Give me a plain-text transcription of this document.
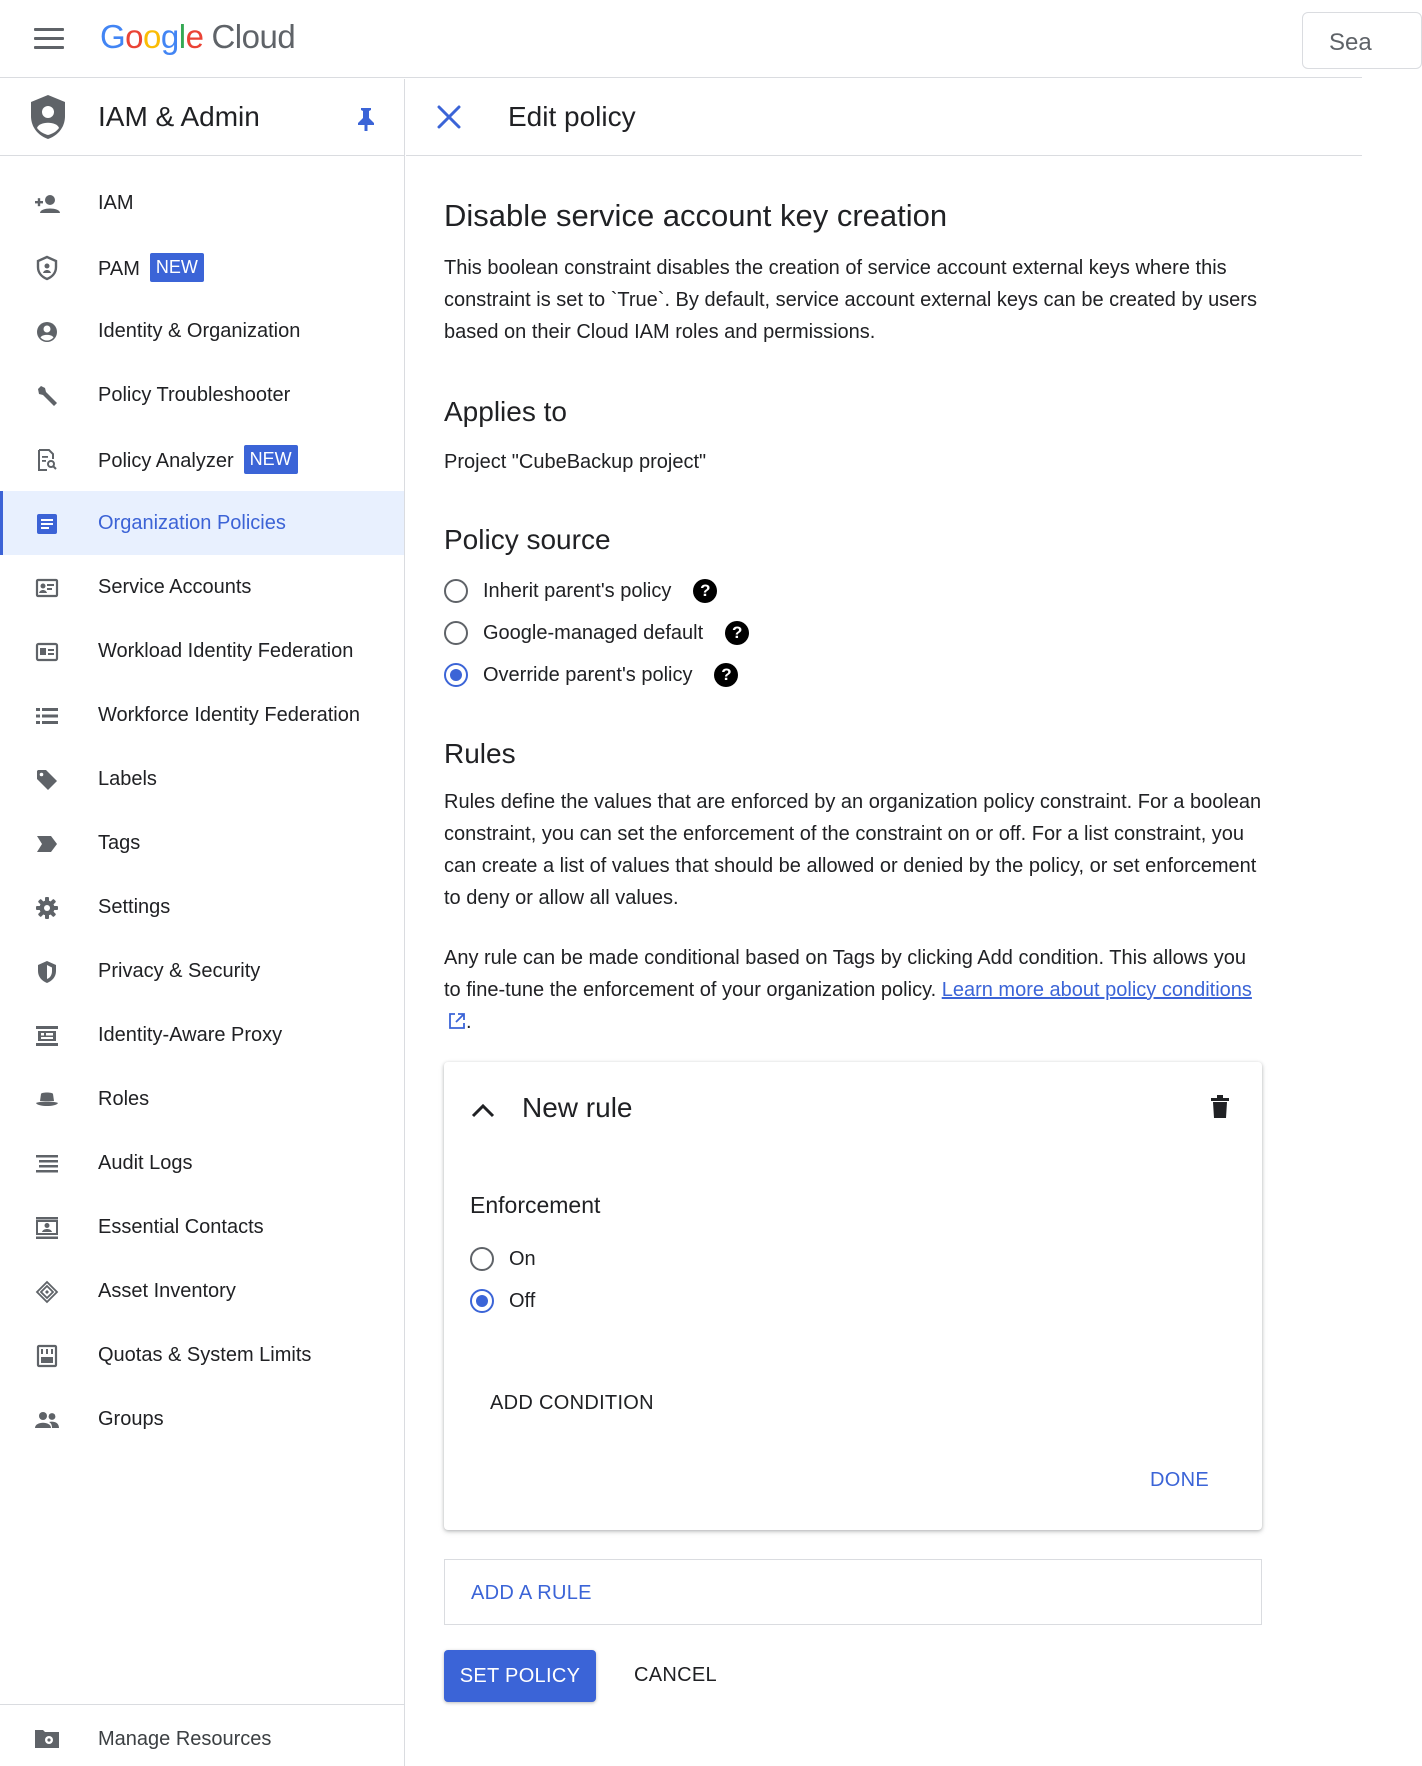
Google Cloud	Sea
IAM & Admin
IAM
PAM NEW
Identity & Organization
Policy Troubleshooter
Policy Analyzer NEW
Organization Policies
Service Accounts
Workload Identity Federation
Workforce Identity Federation
Labels
Tags
Settings
Privacy & Security
Identity-Aware Proxy
Roles
Audit Logs
Essential Contacts
Asset Inventory
Quotas & System Limits
Groups
Manage Resources
Edit policy
Disable service account key creation

This boolean constraint disables the creation of service account external keys where this constraint is set to `True`. By default, service account external keys can be created by users based on their Cloud IAM roles and permissions.

Applies to
Project "CubeBackup project"
Policy source
Inherit parent's policy	?
Google-managed default	?
Override parent's policy	?
Rules

Rules define the values that are enforced by an organization policy constraint. For a boolean constraint, you can set the enforcement of the constraint on or off. For a list constraint, you can create a list of values that should be allowed or denied by the policy, or set enforcement to deny or allow all values.

Any rule can be made conditional based on Tags by clicking Add condition. This allows you to fine-tune the enforcement of your organization policy. Learn more about policy conditions.

New rule
Enforcement
On
Off
ADD CONDITION
DONE
ADD A RULE
SET POLICY	CANCEL
